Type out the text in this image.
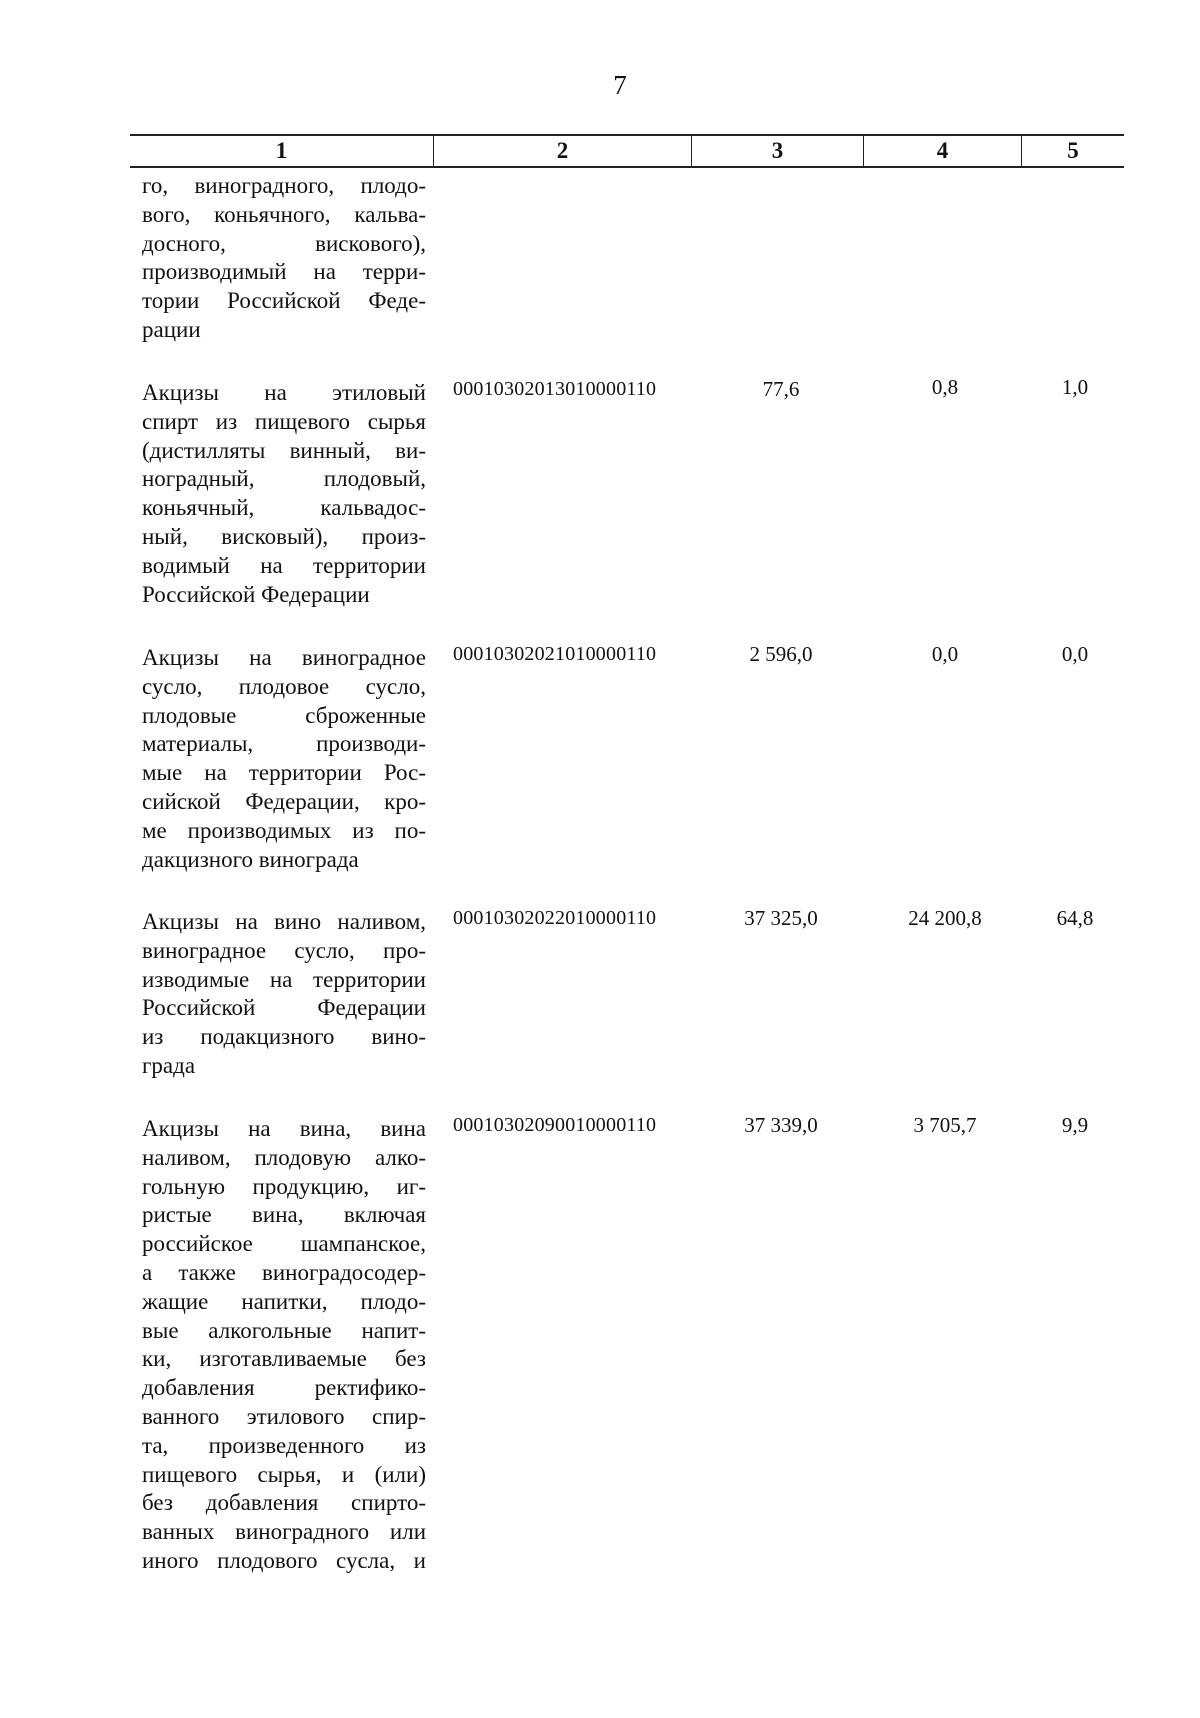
7
1	2	3	4	5
го, виноградного, плодо-
вого, коньячного, кальва-
досного, вискового),
производимый на терри-
тории Российской Феде-
рации
Акцизы на этиловый
спирт из пищевого сырья
(дистилляты винный, ви-
ноградный, плодовый,
коньячный, кальвадос-
ный, висковый), произ-
водимый на территории
Российской Федерации
00010302013010000110	77,6	0,8	1,0
Акцизы на виноградное
сусло, плодовое сусло,
плодовые сброженные
материалы, производи-
мые на территории Рос-
сийской Федерации, кро-
ме производимых из по-
дакцизного винограда
00010302021010000110	2 596,0	0,0	0,0
Акцизы на вино наливом,
виноградное сусло, про-
изводимые на территории
Российской Федерации
из подакцизного вино-
града
00010302022010000110	37 325,0	24 200,8	64,8
Акцизы на вина, вина
наливом, плодовую алко-
гольную продукцию, иг-
ристые вина, включая
российское шампанское,
а также виноградосодер-
жащие напитки, плодо-
вые алкогольные напит-
ки, изготавливаемые без
добавления ректифико-
ванного этилового спир-
та, произведенного из
пищевого сырья, и (или)
без добавления спирто-
ванных виноградного или
иного плодового сусла, и
00010302090010000110	37 339,0	3 705,7	9,9
